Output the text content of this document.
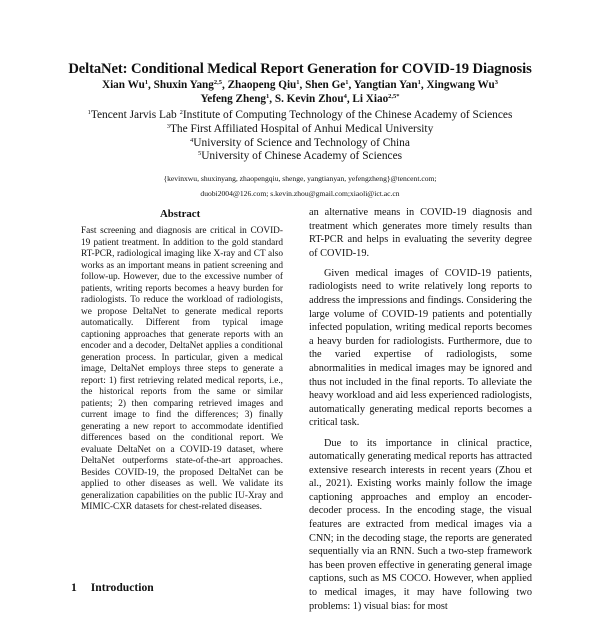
DeltaNet: Conditional Medical Report Generation for COVID-19 Diagnosis
Xian Wu$^1$, Shuxin Yang$^{2,5}$, Zhaopeng Qiu$^1$, Shen Ge$^1$, Yangtian Yan$^1$, Xingwang Wu$^3$
Yefeng Zheng$^1$, S. Kevin Zhou$^4$, Li Xiao$^{2,5*}$
$^1$Tencent Jarvis Lab $^2$Institute of Computing Technology of the Chinese Academy of Sciences
$^3$The First Affiliated Hospital of Anhui Medical University
$^4$University of Science and Technology of China
$^5$University of Chinese Academy of Sciences
{kevinxwu, shuxinyang, zhaopengqiu, shenge, yangtianyan, yefengzheng}@tencent.com;
duobi2004@126.com; s.kevin.zhou@gmail.com;xiaoli@ict.ac.cn
Abstract
Fast screening and diagnosis are critical in COVID-19 patient treatment. In addition to the gold standard RT-PCR, radiological imaging like X-ray and CT also works as an important means in patient screening and follow-up. However, due to the excessive number of patients, writing reports becomes a heavy burden for radiologists. To reduce the workload of radiologists, we propose DeltaNet to generate medical reports automatically. Different from typical image captioning approaches that generate reports with an encoder and a decoder, DeltaNet applies a conditional generation process. In particular, given a medical image, DeltaNet employs three steps to generate a report: 1) first retrieving related medical reports, i.e., the historical reports from the same or similar patients; 2) then comparing retrieved images and current image to find the differences; 3) finally generating a new report to accommodate identified differences based on the conditional report. We evaluate DeltaNet on a COVID-19 dataset, where DeltaNet outperforms state-of-the-art approaches. Besides COVID-19, the proposed DeltaNet can be applied to other diseases as well. We validate its generalization capabilities on the public IU-Xray and MIMIC-CXR datasets for chest-related diseases.
1 Introduction

an alternative means in COVID-19 diagnosis and treatment which generates more timely results than RT-PCR and helps in evaluating the severity degree of COVID-19.

Given medical images of COVID-19 patients, radiologists need to write relatively long reports to address the impressions and findings. Considering the large volume of COVID-19 patients and potentially infected population, writing medical reports becomes a heavy burden for radiologists. Furthermore, due to the varied expertise of radiologists, some abnormalities in medical images may be ignored and thus not included in the final reports. To alleviate the heavy workload and aid less experienced radiologists, automatically generating medical reports becomes a critical task.

Due to its importance in clinical practice, automatically generating medical reports has attracted extensive research interests in recent years (Zhou et al., 2021). Existing works mainly follow the image captioning approaches and employ an encoder-decoder process. In the encoding stage, the visual features are extracted from medical images via a CNN; in the decoding stage, the reports are generated sequentially via an RNN. Such a two-step framework has been proven effective in generating general image captions, such as MS COCO. However, when applied to medical images, it may have following two problems: 1) visual bias: for most
